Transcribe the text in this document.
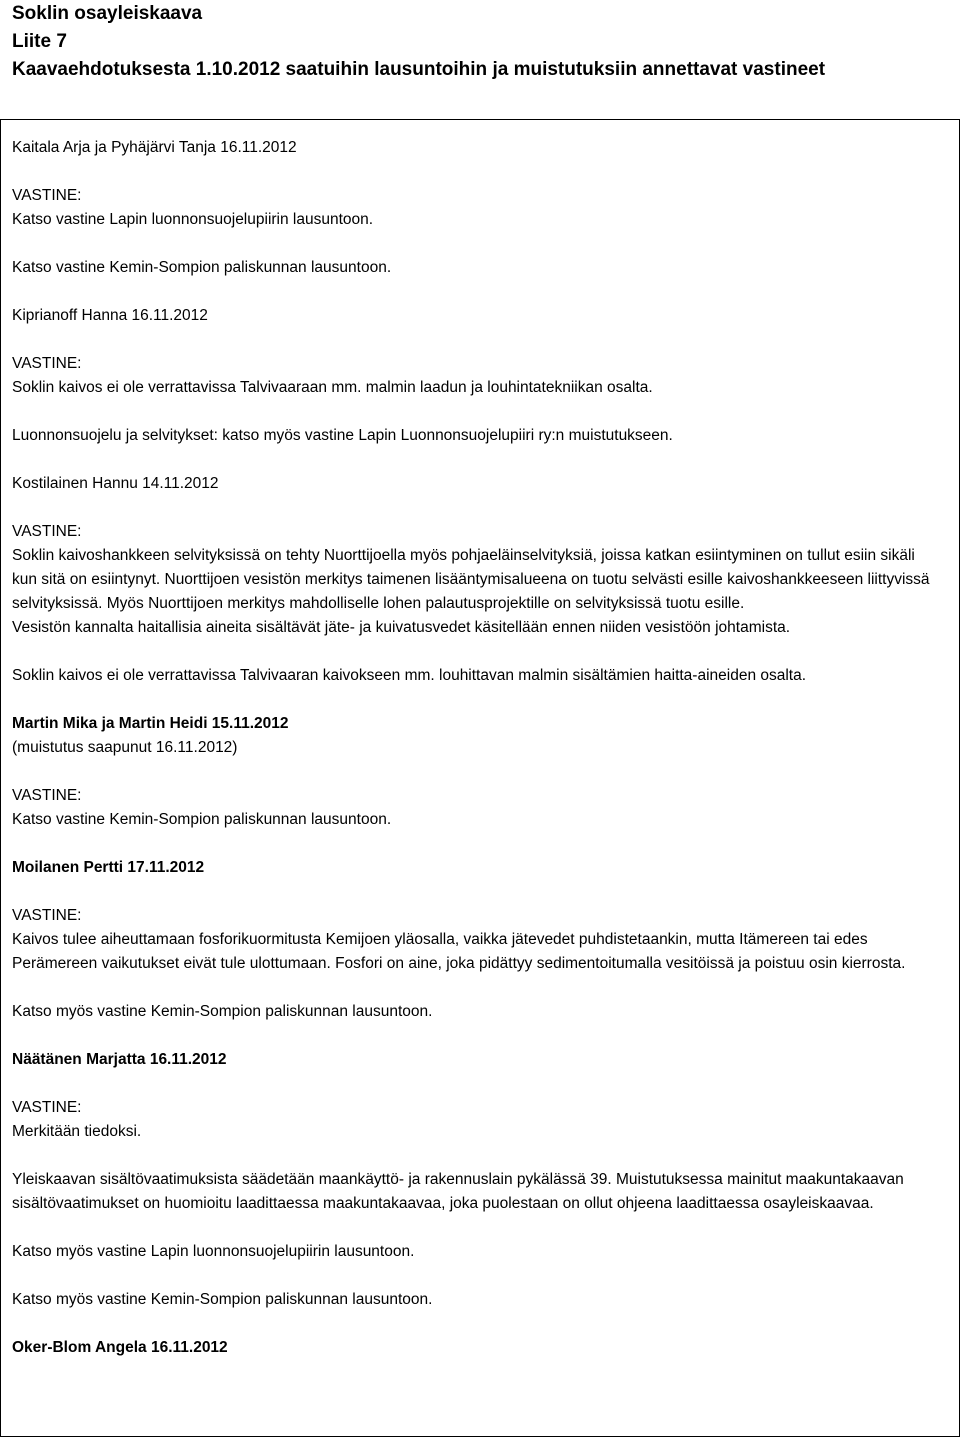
Soklin osayleiskaava
Liite 7
Kaavaehdotuksesta 1.10.2012 saatuihin lausuntoihin ja muistutuksiin annettavat vastineet
Kaitala Arja ja Pyhäjärvi Tanja 16.11.2012
VASTINE:
Katso vastine Lapin luonnonsuojelupiirin lausuntoon.
Katso vastine Kemin-Sompion paliskunnan lausuntoon.
Kiprianoff Hanna 16.11.2012
VASTINE:
Soklin kaivos ei ole verrattavissa Talvivaaraan mm. malmin laadun ja louhintatekniikan osalta.
Luonnonsuojelu ja selvitykset: katso myös vastine Lapin Luonnonsuojelupiiri ry:n muistutukseen.
Kostilainen Hannu 14.11.2012
VASTINE:
Soklin kaivoshankkeen selvityksissä on tehty Nuorttijoella myös pohjaeläinselvityksiä, joissa katkan esiintyminen on tullut esiin sikäli kun sitä on esiintynyt. Nuorttijoen vesistön merkitys taimenen lisääntymisalueena on tuotu selvästi esille kaivoshankkeeseen liittyvissä selvityksissä. Myös Nuorttijoen merkitys mahdolliselle lohen palautusprojektille on selvityksissä tuotu esille.
Vesistön kannalta haitallisia aineita sisältävät jäte- ja kuivatusvedet käsitellään ennen niiden vesistöön johtamista.
Soklin kaivos ei ole verrattavissa Talvivaaran kaivokseen mm. louhittavan malmin sisältämien haitta-aineiden osalta.
Martin Mika ja Martin Heidi 15.11.2012
(muistutus saapunut 16.11.2012)
VASTINE:
Katso vastine Kemin-Sompion paliskunnan lausuntoon.
Moilanen Pertti 17.11.2012
VASTINE:
Kaivos tulee aiheuttamaan fosforikuormitusta Kemijoen yläosalla, vaikka jätevedet puhdistetaankin, mutta Itämereen tai edes Perämereen vaikutukset eivät tule ulottumaan. Fosfori on aine, joka pidättyy sedimentoitumalla vesitöissä ja poistuu osin kierrosta.
Katso myös vastine Kemin-Sompion paliskunnan lausuntoon.
Näätänen Marjatta 16.11.2012
VASTINE:
Merkitään tiedoksi.
Yleiskaavan sisältövaatimuksista säädetään maankäyttö- ja rakennuslain pykälässä 39. Muistutuksessa mainitut maakuntakaavan sisältövaatimukset on huomioitu laadittaessa maakuntakaavaa, joka puolestaan on ollut ohjeena laadittaessa osayleiskaavaa.
Katso myös vastine Lapin luonnonsuojelupiirin lausuntoon.
Katso myös vastine Kemin-Sompion paliskunnan lausuntoon.
Oker-Blom Angela 16.11.2012
